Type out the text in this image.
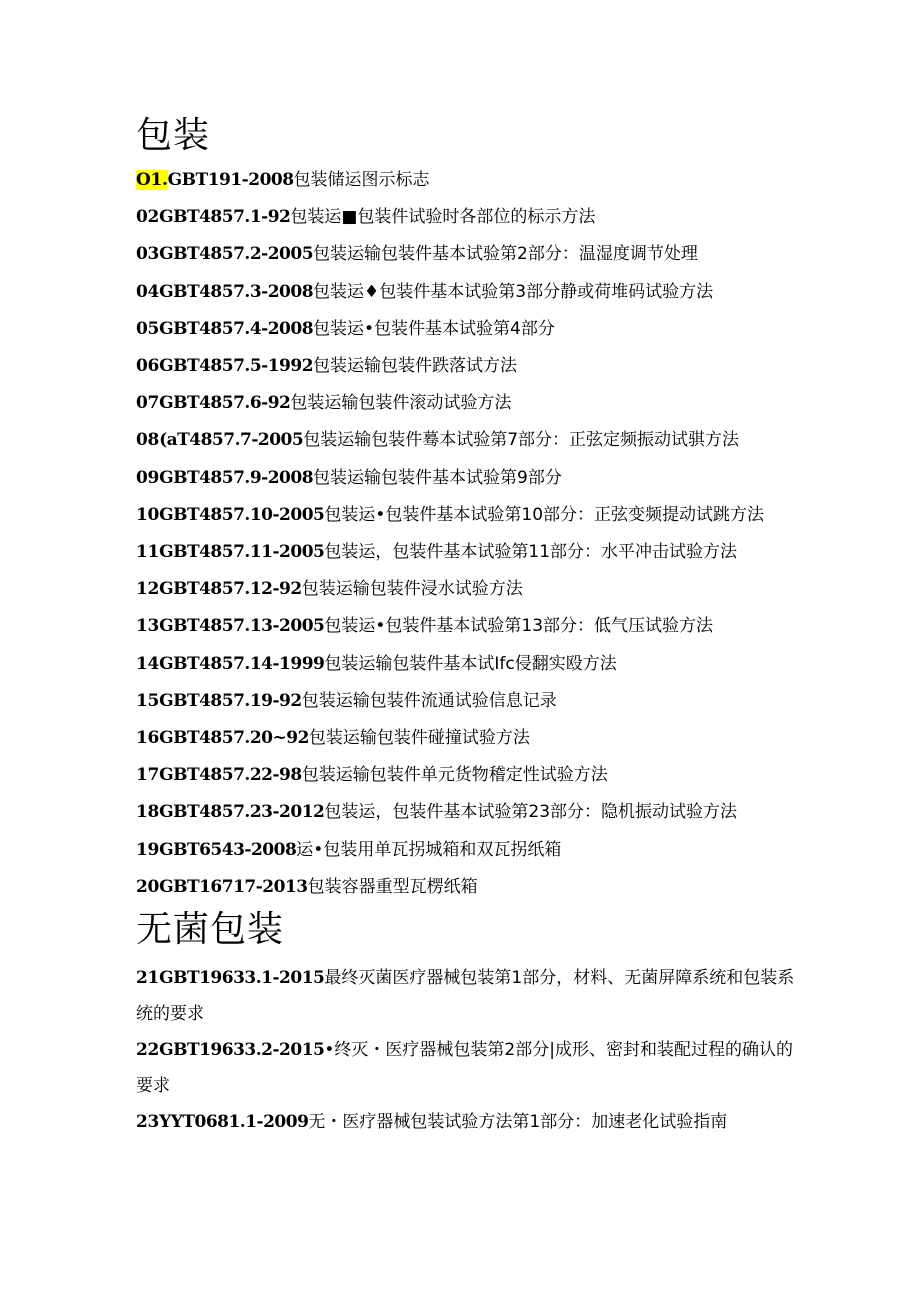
包装

O1.GBT191-2008包装储运图示标志

02GBT4857.1-92包装运■包装件试验时各部位的标示方法

03GBT4857.2-2005包装运输包装件基本试验第2部分：温湿度调节处理

04GBT4857.3-2008包装运♦包装件基本试验第3部分静或荷堆码试验方法

05GBT4857.4-2008包装运•包装件基本试验第4部分

06GBT4857.5-1992包装运输包装件跌落试方法

07GBT4857.6-92包装运输包装件滚动试验方法

08(aT4857.7-2005包装运输包装件蓦本试验第7部分：正弦定频振动试骐方法

09GBT4857.9-2008包装运输包装件基本试验第9部分

10GBT4857.10-2005包装运•包装件基本试验第10部分：正弦变频提动试跳方法

11GBT4857.11-2005包装运，包装件基本试验第11部分：水平冲击试验方法

12GBT4857.12-92包装运输包装件浸水试验方法

13GBT4857.13-2005包装运•包装件基本试验第13部分：低气压试验方法

14GBT4857.14-1999包装运输包装件基本试Ifc侵翻实殴方法

15GBT4857.19-92包装运输包装件流通试验信息记录

16GBT4857.20~92包装运输包装件碰撞试验方法

17GBT4857.22-98包装运输包装件单元货物稽定性试验方法

18GBT4857.23-2012包装运，包装件基本试验第23部分：隐机振动试验方法

19GBT6543-2008运•包装用单瓦拐城箱和双瓦拐纸箱

20GBT16717-2013包装容器重型瓦楞纸箱

无菌包装

21GBT19633.1-2015最终灭菌医疗器械包装第1部分，材料、无菌屏障系统和包装系统的要求

22GBT19633.2-2015•终灭・医疗器械包装第2部分|成形、密封和装配过程的确认的要求

23YYT0681.1-2009无・医疗器械包装试验方法第1部分：加速老化试验指南
